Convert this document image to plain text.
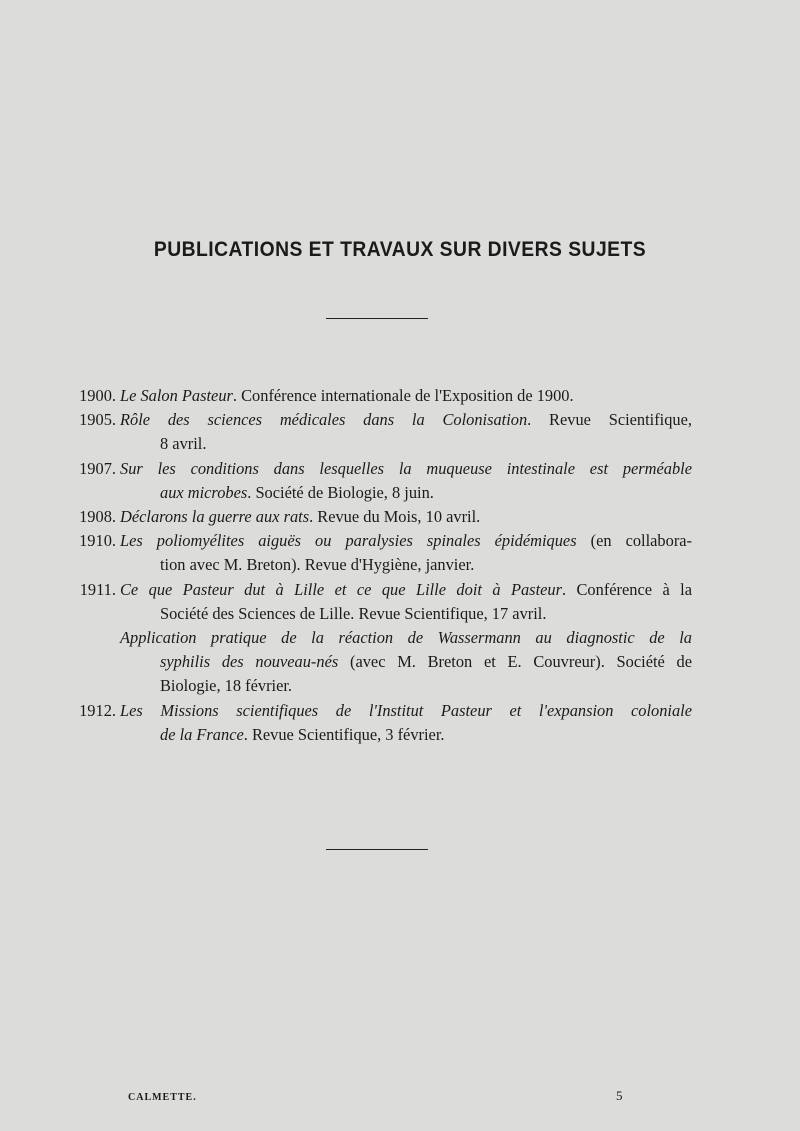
PUBLICATIONS ET TRAVAUX SUR DIVERS SUJETS
1900 . Le Salon Pasteur. Conférence internationale de l'Exposition de 1900.
1905 . Rôle des sciences médicales dans la Colonisation. Revue Scientifique,
8 avril.
1907 . Sur les conditions dans lesquelles la muqueuse intestinale est perméable
aux microbes. Société de Biologie, 8 juin.
1908 . Déclarons la guerre aux rats. Revue du Mois, 10 avril.
1910 . Les poliomyélites aiguës ou paralysies spinales épidémiques (en collabora-
tion avec M. Breton). Revue d'Hygiène, janvier.
1911 . Ce que Pasteur dut à Lille et ce que Lille doit à Pasteur. Conférence à la
Société des Sciences de Lille. Revue Scientifique, 17 avril.
Application pratique de la réaction de Wassermann au diagnostic de la
syphilis des nouveau-nés (avec M. Breton et E. Couvreur). Société de
Biologie, 18 février.
1912 . Les Missions scientifiques de l'Institut Pasteur et l'expansion coloniale
de la France. Revue Scientifique, 3 février.
CALMETTE.	5
